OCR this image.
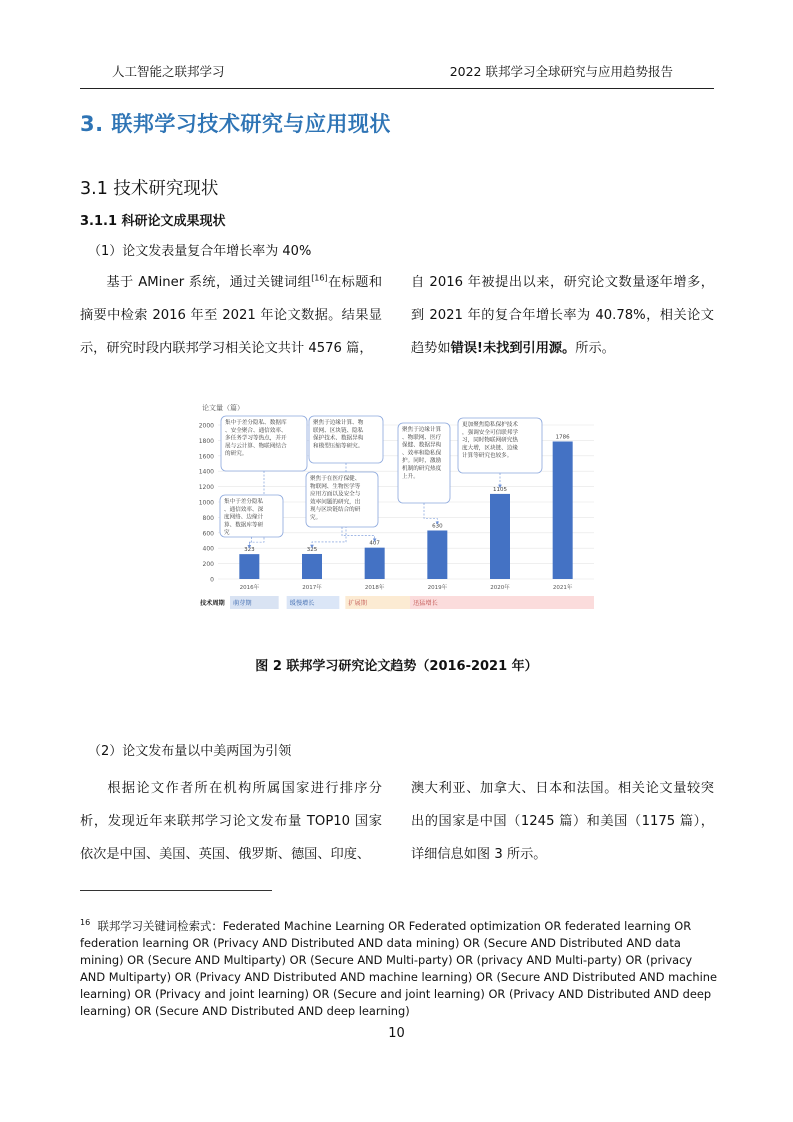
人工智能之联邦学习	2022 联邦学习全球研究与应用趋势报告
3. 联邦学习技术研究与应用现状
3.1 技术研究现状
3.1.1 科研论文成果现状
（1）论文发表量复合年增长率为 40%
基于 AMiner 系统，通过关键词组[16]在标题和摘要中检索 2016 年至 2021 年论文数据。结果显示，研究时段内联邦学习相关论文共计 4576 篇，
自 2016 年被提出以来，研究论文数量逐年增多，到 2021 年的复合年增长率为 40.78%，相关论文趋势如错误!未找到引用源。所示。
论文量（篇）
0
200
400
600
800
1000
1200
1400
1600
1800
2000
2016年	2017年	2018年	2019年	2020年	2021年
323	325
407
630
1105
1786
集中于差分隐私、数据库、安全聚合、通信效率、多任务学习等热点，并开展与云计算、物联网结合的研究。
集中于差分隐私、通信效率、深度网络、边缘计算、数据库等研究
聚焦于边缘计算、物联网、区块链、隐私保护技术、数据异构和模型压缩等研究。
聚焦于在医疗保健、物联网、生物医学等应用方面以及安全与效率问题的研究，出现与区块链结合的研究。
聚焦于边缘计算、物联网、医疗保健、数据异构、效率和隐私保护。同时，激励机制的研究热度上升。
更加聚焦隐私保护技术，强调安全可信联邦学习，同时物联网研究热度大增，区块链、边缘计算等研究也较多。
技术周期 萌芽期	缓慢增长	扩展期	迅猛增长
图 2 联邦学习研究论文趋势（2016-2021 年）
（2）论文发布量以中美两国为引领
根据论文作者所在机构所属国家进行排序分析，发现近年来联邦学习论文发布量 TOP10 国家依次是中国、美国、英国、俄罗斯、德国、印度、
澳大利亚、加拿大、日本和法国。相关论文量较突出的国家是中国（1245 篇）和美国（1175 篇），详细信息如图 3 所示。
$^{16}$ 联邦学习关键词检索式：Federated Machine Learning OR Federated optimization OR federated learning OR federation learning OR (Privacy AND Distributed AND data mining) OR (Secure AND Distributed AND data mining) OR (Secure AND Multiparty) OR (Secure AND Multi-party) OR (privacy AND Multi-party) OR (privacy AND Multiparty) OR (Privacy AND Distributed AND machine learning) OR (Secure AND Distributed AND machine learning) OR (Privacy and joint learning) OR (Secure and joint learning) OR (Privacy AND Distributed AND deep learning) OR (Secure AND Distributed AND deep learning)
10
